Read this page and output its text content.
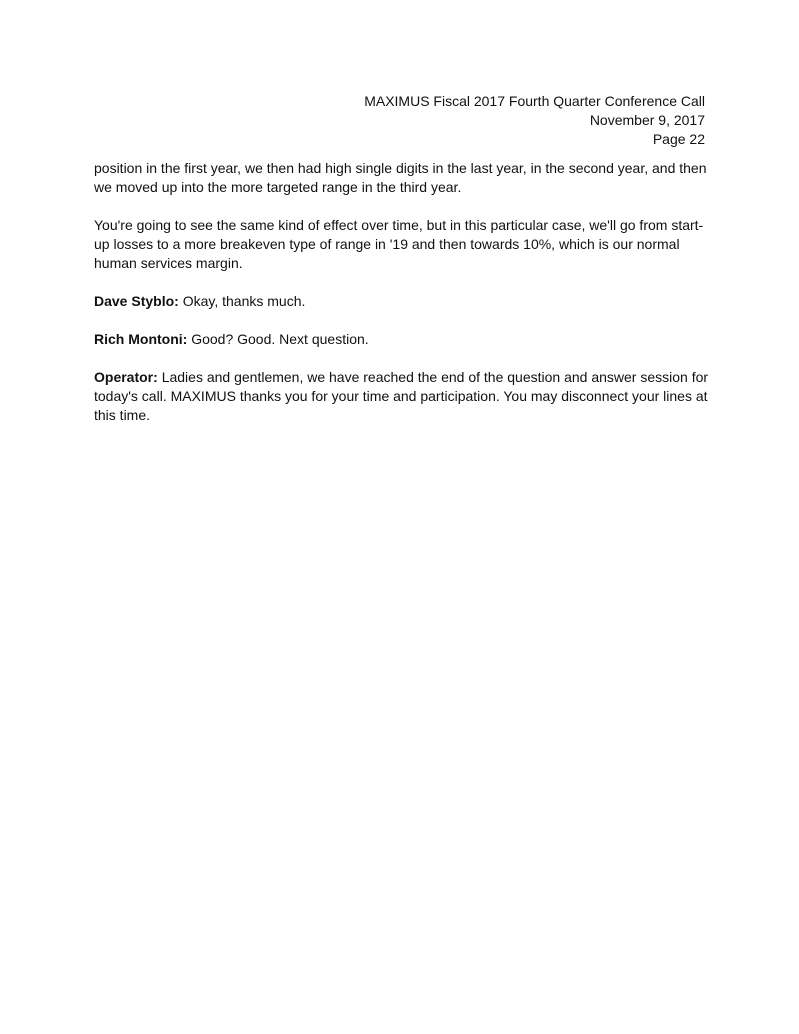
MAXIMUS Fiscal 2017 Fourth Quarter Conference Call
November 9, 2017
Page 22

position in the first year, we then had high single digits in the last year, in the second year, and then we moved up into the more targeted range in the third year.

You're going to see the same kind of effect over time, but in this particular case, we'll go from start-up losses to a more breakeven type of range in '19 and then towards 10%, which is our normal human services margin.

Dave Styblo: Okay, thanks much.

Rich Montoni: Good? Good. Next question.

Operator: Ladies and gentlemen, we have reached the end of the question and answer session for today's call. MAXIMUS thanks you for your time and participation. You may disconnect your lines at this time.
